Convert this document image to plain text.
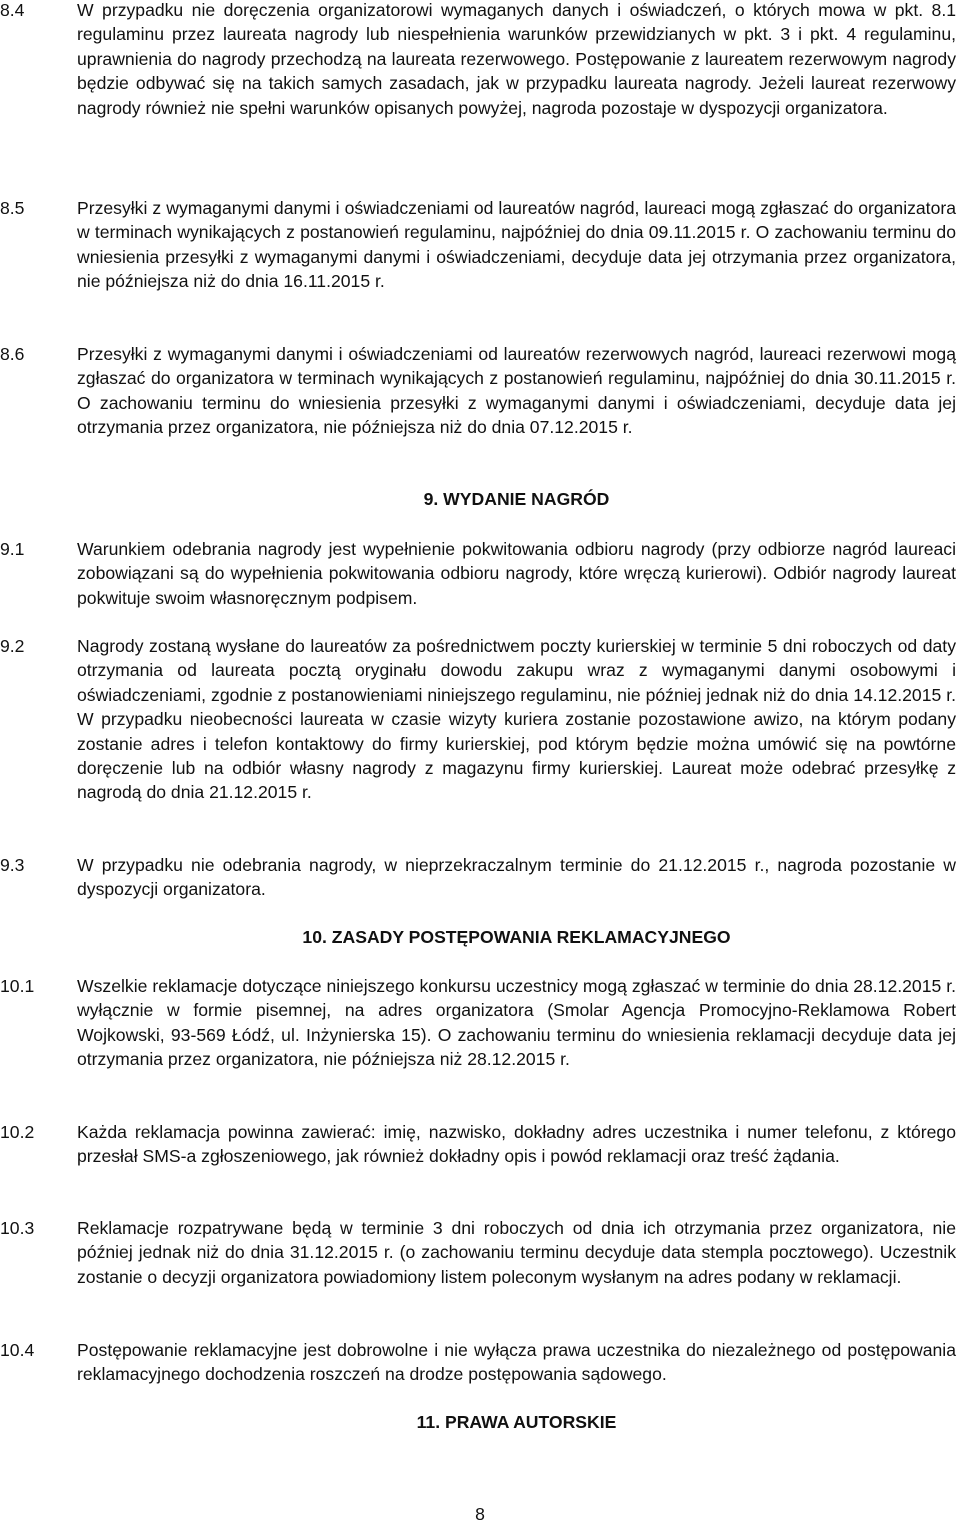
8.4	W przypadku nie doręczenia organizatorowi wymaganych danych i oświadczeń, o których mowa w pkt. 8.1 regulaminu przez laureata nagrody lub niespełnienia warunków przewidzianych w pkt. 3 i pkt. 4 regulaminu, uprawnienia do nagrody przechodzą na laureata rezerwowego. Postępowanie z laureatem rezerwowym nagrody będzie odbywać się na takich samych zasadach, jak w przypadku laureata nagrody. Jeżeli laureat rezerwowy nagrody również nie spełni warunków opisanych powyżej, nagroda pozostaje w dyspozycji organizatora.
8.5	Przesyłki z wymaganymi danymi i oświadczeniami od laureatów nagród, laureaci mogą zgłaszać do organizatora w terminach wynikających z postanowień regulaminu, najpóźniej do dnia 09.11.2015 r. O zachowaniu terminu do wniesienia przesyłki z wymaganymi danymi i oświadczeniami, decyduje data jej otrzymania przez organizatora, nie późniejsza niż do dnia 16.11.2015 r.
8.6	Przesyłki z wymaganymi danymi i oświadczeniami od laureatów rezerwowych nagród, laureaci rezerwowi mogą zgłaszać do organizatora w terminach wynikających z postanowień regulaminu, najpóźniej do dnia 30.11.2015 r. O zachowaniu terminu do wniesienia przesyłki z wymaganymi danymi i oświadczeniami, decyduje data jej otrzymania przez organizatora, nie późniejsza niż do dnia 07.12.2015 r.
9. WYDANIE NAGRÓD
9.1	Warunkiem odebrania nagrody jest wypełnienie pokwitowania odbioru nagrody (przy odbiorze nagród laureaci zobowiązani są do wypełnienia pokwitowania odbioru nagrody, które wręczą kurierowi). Odbiór nagrody laureat pokwituje swoim własnoręcznym podpisem.
9.2	Nagrody zostaną wysłane do laureatów za pośrednictwem poczty kurierskiej w terminie 5 dni roboczych od daty otrzymania od laureata pocztą oryginału dowodu zakupu wraz z wymaganymi danymi osobowymi i oświadczeniami, zgodnie z postanowieniami niniejszego regulaminu, nie później jednak niż do dnia 14.12.2015 r. W przypadku nieobecności laureata w czasie wizyty kuriera zostanie pozostawione awizo, na którym podany zostanie adres i telefon kontaktowy do firmy kurierskiej, pod którym będzie można umówić się na powtórne doręczenie lub na odbiór własny nagrody z magazynu firmy kurierskiej. Laureat może odebrać przesyłkę z nagrodą do dnia 21.12.2015 r.
9.3	W przypadku nie odebrania nagrody, w nieprzekraczalnym terminie do 21.12.2015 r., nagroda pozostanie w dyspozycji organizatora.
10. ZASADY POSTĘPOWANIA REKLAMACYJNEGO
10.1	Wszelkie reklamacje dotyczące niniejszego konkursu uczestnicy mogą zgłaszać w terminie do dnia 28.12.2015 r. wyłącznie w formie pisemnej, na adres organizatora (Smolar Agencja Promocyjno-Reklamowa Robert Wojkowski, 93-569 Łódź, ul. Inżynierska 15). O zachowaniu terminu do wniesienia reklamacji decyduje data jej otrzymania przez organizatora, nie późniejsza niż 28.12.2015 r.
10.2	Każda reklamacja powinna zawierać: imię, nazwisko, dokładny adres uczestnika i numer telefonu, z którego przesłał SMS-a zgłoszeniowego, jak również dokładny opis i powód reklamacji oraz treść żądania.
10.3	Reklamacje rozpatrywane będą w terminie 3 dni roboczych od dnia ich otrzymania przez organizatora, nie później jednak niż do dnia 31.12.2015 r. (o zachowaniu terminu decyduje data stempla pocztowego). Uczestnik zostanie o decyzji organizatora powiadomiony listem poleconym wysłanym na adres podany w reklamacji.
10.4	Postępowanie reklamacyjne jest dobrowolne i nie wyłącza prawa uczestnika do niezależnego od postępowania reklamacyjnego dochodzenia roszczeń na drodze postępowania sądowego.
11. PRAWA AUTORSKIE
8
